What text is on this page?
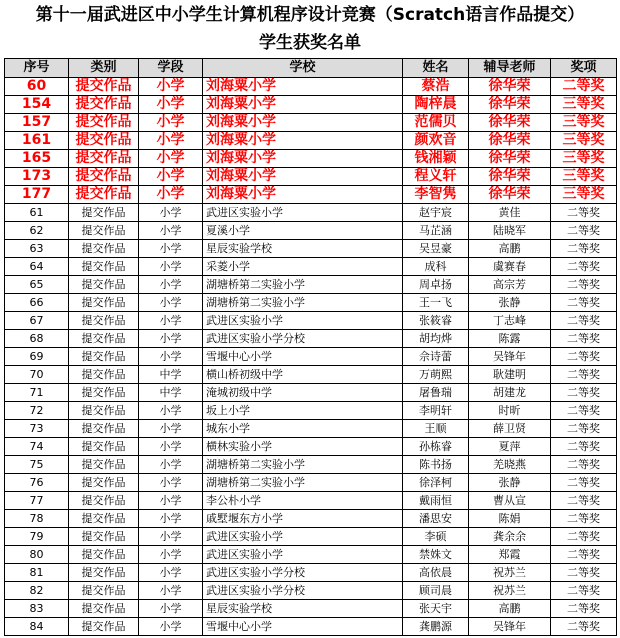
第十一届武进区中小学生计算机程序设计竞赛（Scratch语言作品提交）
学生获奖名单
序号	类别	学段	学校	姓名	辅导老师	奖项
60	提交作品	小学	刘海粟小学	蔡浩	徐华荣	二等奖
154	提交作品	小学	刘海粟小学	陶梓晨	徐华荣	三等奖
157	提交作品	小学	刘海粟小学	范儒贝	徐华荣	三等奖
161	提交作品	小学	刘海粟小学	颜欢音	徐华荣	三等奖
165	提交作品	小学	刘海粟小学	钱湘颖	徐华荣	三等奖
173	提交作品	小学	刘海粟小学	程义轩	徐华荣	三等奖
177	提交作品	小学	刘海粟小学	李智隽	徐华荣	三等奖
61	提交作品	小学	武进区实验小学	赵宇宸	黄佳	二等奖
62	提交作品	小学	夏溪小学	马芷涵	陆晓军	二等奖
63	提交作品	小学	星辰实验学校	吴昱豪	高鹏	二等奖
64	提交作品	小学	采菱小学	成科	虞赛春	二等奖
65	提交作品	小学	湖塘桥第二实验小学	周卓扬	高宗芳	二等奖
66	提交作品	小学	湖塘桥第二实验小学	王一飞	张静	二等奖
67	提交作品	小学	武进区实验小学	张筱睿	丁志峰	二等奖
68	提交作品	小学	武进区实验小学分校	胡均烨	陈露	二等奖
69	提交作品	小学	雪堰中心小学	佘诗蕾	吴锋年	二等奖
70	提交作品	中学	横山桥初级中学	万萌熙	耿建明	二等奖
71	提交作品	中学	淹城初级中学	屠鲁瑞	胡建龙	二等奖
72	提交作品	小学	坂上小学	李明轩	时昕	二等奖
73	提交作品	小学	城东小学	王顺	薛卫贤	二等奖
74	提交作品	小学	横林实验小学	孙栋睿	夏萍	二等奖
75	提交作品	小学	湖塘桥第二实验小学	陈书扬	羌晓燕	二等奖
76	提交作品	小学	湖塘桥第二实验小学	徐泽柯	张静	二等奖
77	提交作品	小学	李公朴小学	戴雨恒	曹从宣	二等奖
78	提交作品	小学	戚墅堰东方小学	潘思安	陈娟	二等奖
79	提交作品	小学	武进区实验小学	李硕	龚余余	二等奖
80	提交作品	小学	武进区实验小学	禁姝文	郑霞	二等奖
81	提交作品	小学	武进区实验小学分校	高依晨	祝苏兰	二等奖
82	提交作品	小学	武进区实验小学分校	顾司晨	祝苏兰	二等奖
83	提交作品	小学	星辰实验学校	张天宇	高鹏	二等奖
84	提交作品	小学	雪堰中心小学	龚鹏源	吴锋年	二等奖
